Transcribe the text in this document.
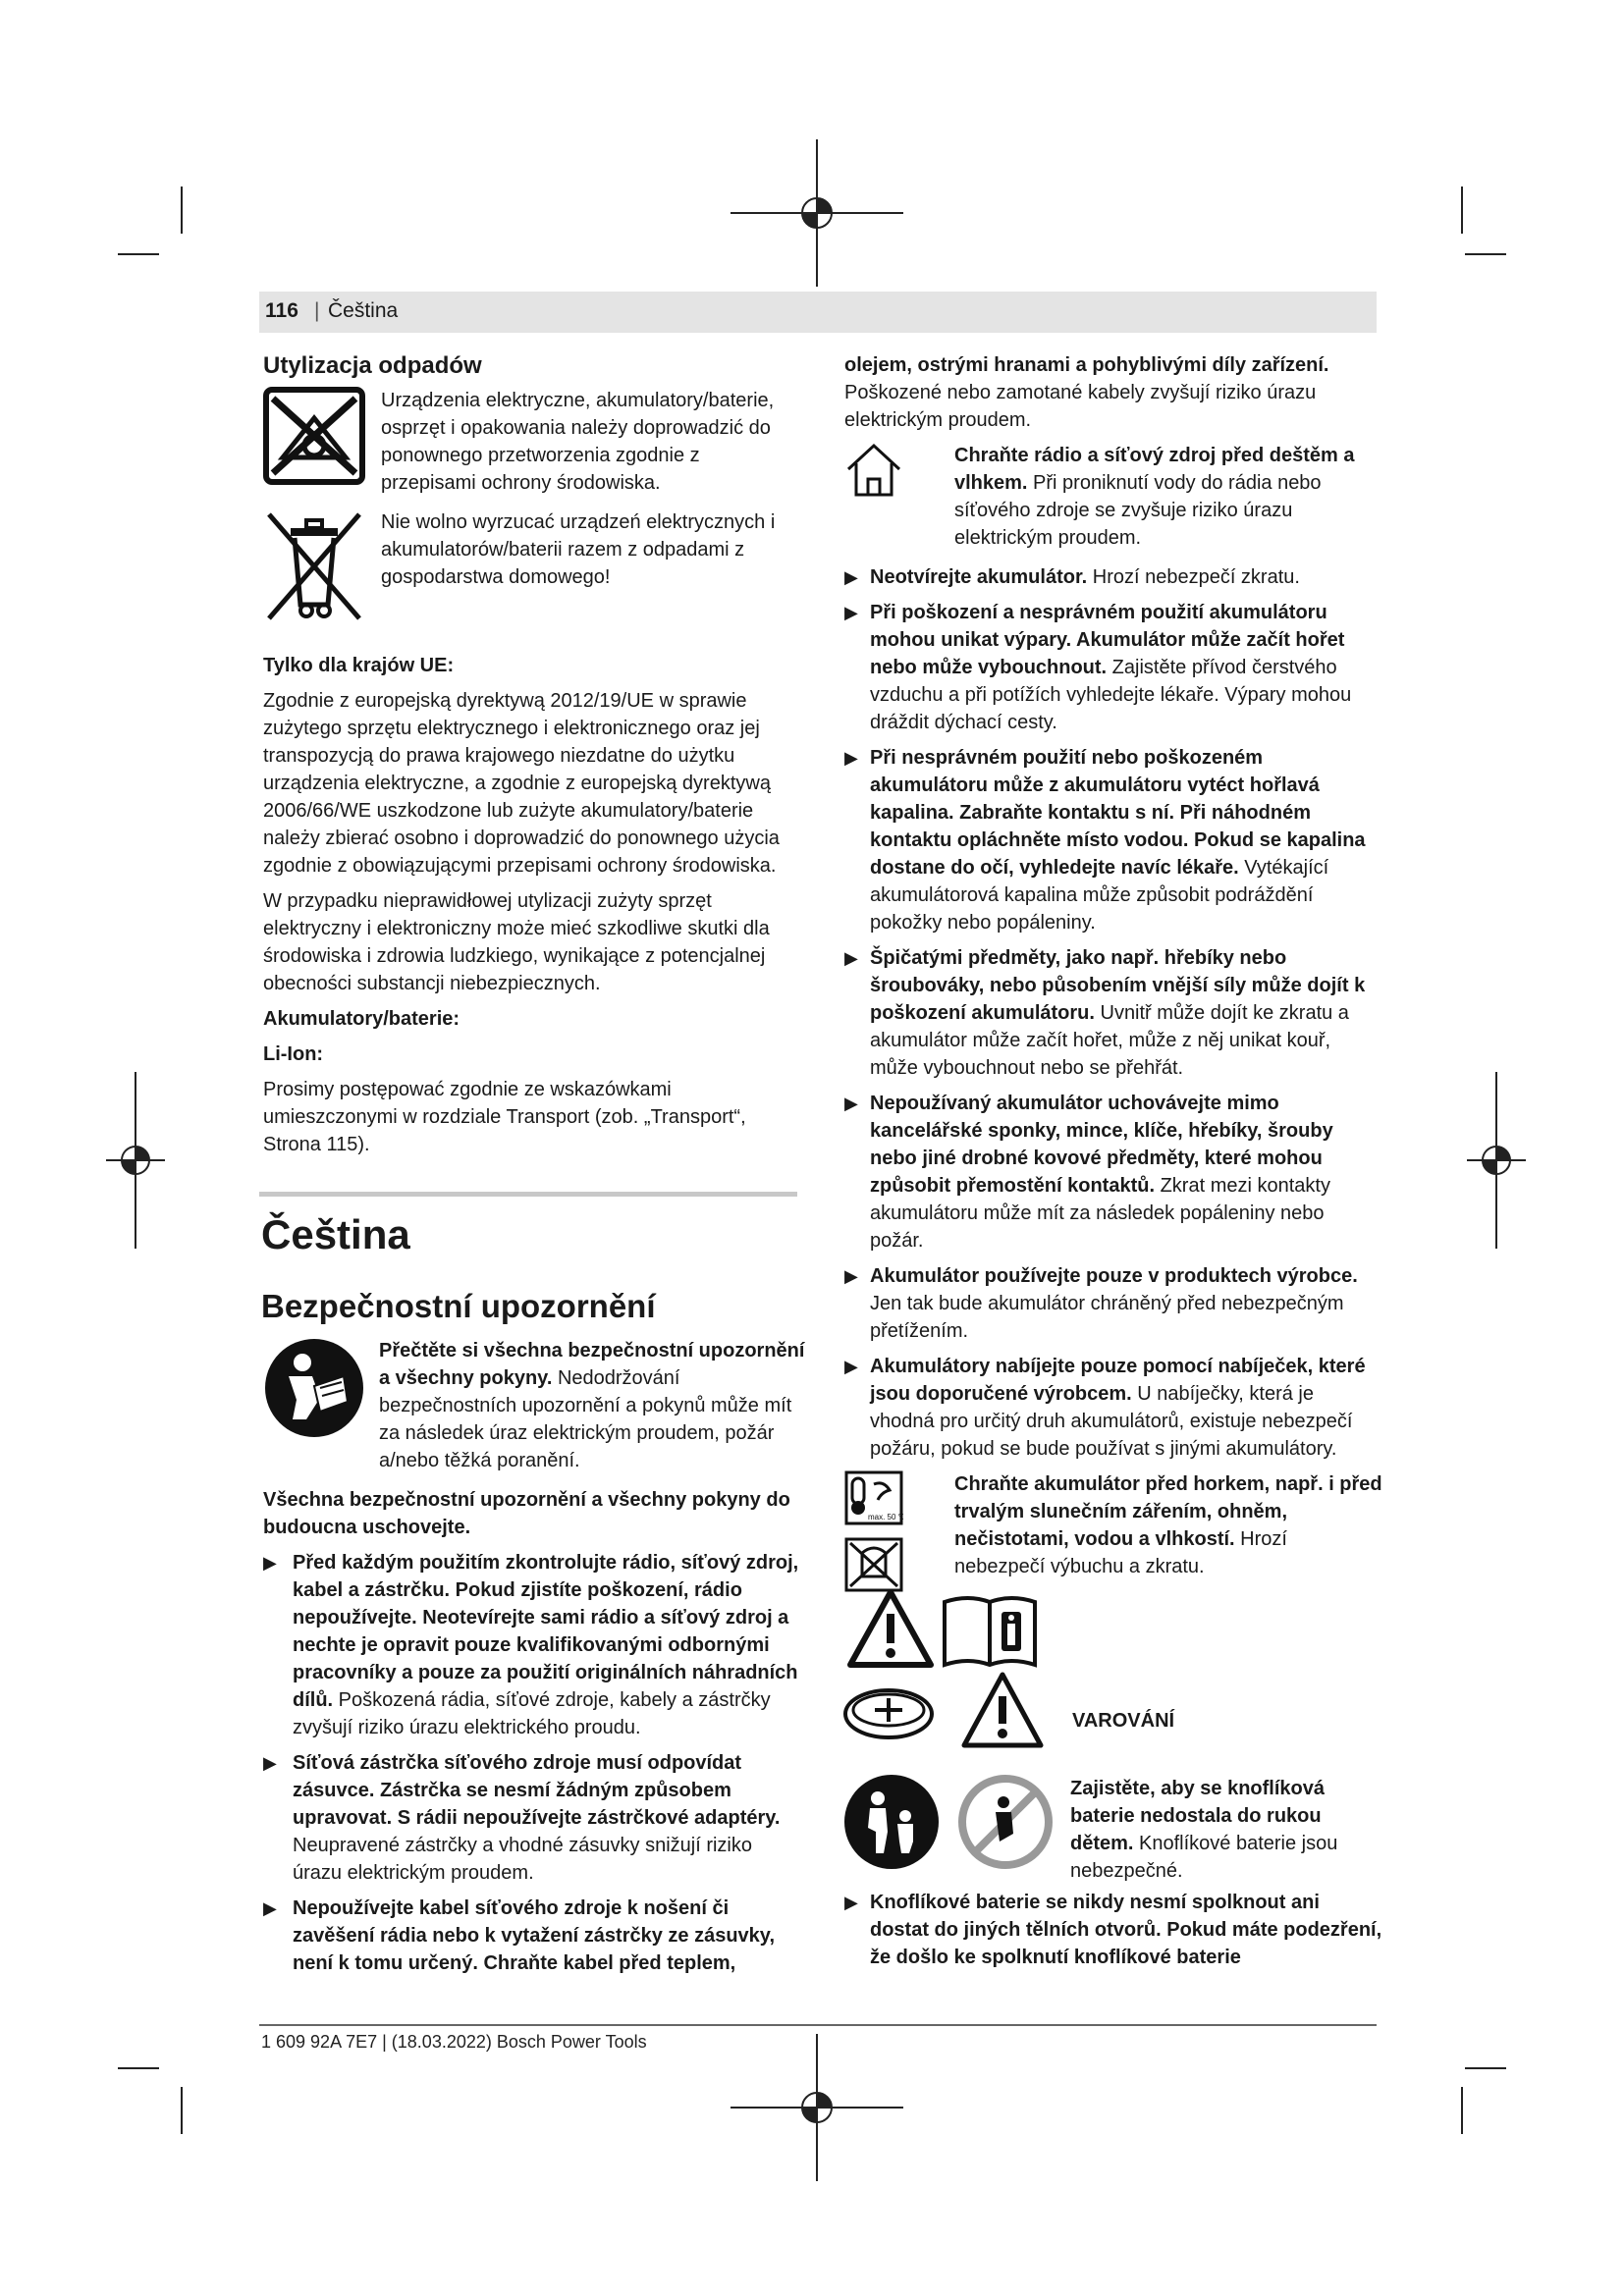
116 | Čeština
Utylizacja odpadów

Urządzenia elektryczne, akumulatory/baterie, osprzęt i opakowania należy doprowadzić do ponownego przetworzenia zgodnie z przepisami ochrony środowiska.

Nie wolno wyrzucać urządzeń elektrycznych i akumulatorów/baterii razem z odpadami z gospodarstwa domowego!

Tylko dla krajów UE:

Zgodnie z europejską dyrektywą 2012/19/UE w sprawie zużytego sprzętu elektrycznego i elektronicznego oraz jej transpozycją do prawa krajowego niezdatne do użytku urządzenia elektryczne, a zgodnie z europejską dyrektywą 2006/66/WE uszkodzone lub zużyte akumulatory/baterie należy zbierać osobno i doprowadzić do ponownego użycia zgodnie z obowiązującymi przepisami ochrony środowiska.

W przypadku nieprawidłowej utylizacji zużyty sprzęt elektryczny i elektroniczny może mieć szkodliwe skutki dla środowiska i zdrowia ludzkiego, wynikające z potencjalnej obecności substancji niebezpiecznych.

Akumulatory/baterie:

Li-Ion:

Prosimy postępować zgodnie ze wskazówkami umieszczonymi w rozdziale Transport (zob. „Transport“, Strona 115).

Čeština
Bezpečnostní upozornění

Přečtěte si všechna bezpečnostní upozornění a všechny pokyny. Nedodržování bezpečnostních upozornění a pokynů může mít za následek úraz elektrickým proudem, požár a/nebo těžká poranění.

Všechna bezpečnostní upozornění a všechny pokyny do budoucna uschovejte.

▶ Před každým použitím zkontrolujte rádio, síťový zdroj, kabel a zástrčku. Pokud zjistíte poškození, rádio nepoužívejte. Neotevírejte sami rádio a síťový zdroj a nechte je opravit pouze kvalifikovanými odbornými pracovníky a pouze za použití originálních náhradních dílů. Poškozená rádia, síťové zdroje, kabely a zástrčky zvyšují riziko úrazu elektrického proudu.
▶ Síťová zástrčka síťového zdroje musí odpovídat zásuvce. Zástrčka se nesmí žádným způsobem upravovat. S rádii nepoužívejte zástrčkové adaptéry. Neupravené zástrčky a vhodné zásuvky snižují riziko úrazu elektrickým proudem.
▶ Nepoužívejte kabel síťového zdroje k nošení či zavěšení rádia nebo k vytažení zástrčky ze zásuvky, není k tomu určený. Chraňte kabel před teplem,

olejem, ostrými hranami a pohyblivými díly zařízení. Poškozené nebo zamotané kabely zvyšují riziko úrazu elektrickým proudem.

Chraňte rádio a síťový zdroj před deštěm a vlhkem. Při proniknutí vody do rádia nebo síťového zdroje se zvyšuje riziko úrazu elektrickým proudem.

▶ Neotvírejte akumulátor. Hrozí nebezpečí zkratu.
▶ Při poškození a nesprávném použití akumulátoru mohou unikat výpary. Akumulátor může začít hořet nebo může vybouchnout. Zajistěte přívod čerstvého vzduchu a při potížích vyhledejte lékaře. Výpary mohou dráždit dýchací cesty.
▶ Při nesprávném použití nebo poškozeném akumulátoru může z akumulátoru vytéct hořlavá kapalina. Zabraňte kontaktu s ní. Při náhodném kontaktu opláchněte místo vodou. Pokud se kapalina dostane do očí, vyhledejte navíc lékaře. Vytékající akumulátorová kapalina může způsobit podráždění pokožky nebo popáleniny.
▶ Špičatými předměty, jako např. hřebíky nebo šroubováky, nebo působením vnější síly může dojít k poškození akumulátoru. Uvnitř může dojít ke zkratu a akumulátor může začít hořet, může z něj unikat kouř, může vybouchnout nebo se přehřát.
▶ Nepoužívaný akumulátor uchovávejte mimo kancelářské sponky, mince, klíče, hřebíky, šrouby nebo jiné drobné kovové předměty, které mohou způsobit přemostění kontaktů. Zkrat mezi kontakty akumulátoru může mít za následek popáleniny nebo požár.
▶ Akumulátor používejte pouze v produktech výrobce. Jen tak bude akumulátor chráněný před nebezpečným přetížením.
▶ Akumulátory nabíjejte pouze pomocí nabíječek, které jsou doporučené výrobcem. U nabíječky, která je vhodná pro určitý druh akumulátorů, existuje nebezpečí požáru, pokud se bude používat s jinými akumulátory.
max. 50 °C

Chraňte akumulátor před horkem, např. i před trvalým slunečním zářením, ohněm, nečistotami, vodou a vlhkostí. Hrozí nebezpečí výbuchu a zkratu.

VAROVÁNÍ

Zajistěte, aby se knoflíková baterie nedostala do rukou dětem. Knoflíkové baterie jsou nebezpečné.

▶ Knoflíkové baterie se nikdy nesmí spolknout ani dostat do jiných tělních otvorů. Pokud máte podezření, že došlo ke spolknutí knoflíkové baterie
1 609 92A 7E7 | (18.03.2022) Bosch Power Tools
